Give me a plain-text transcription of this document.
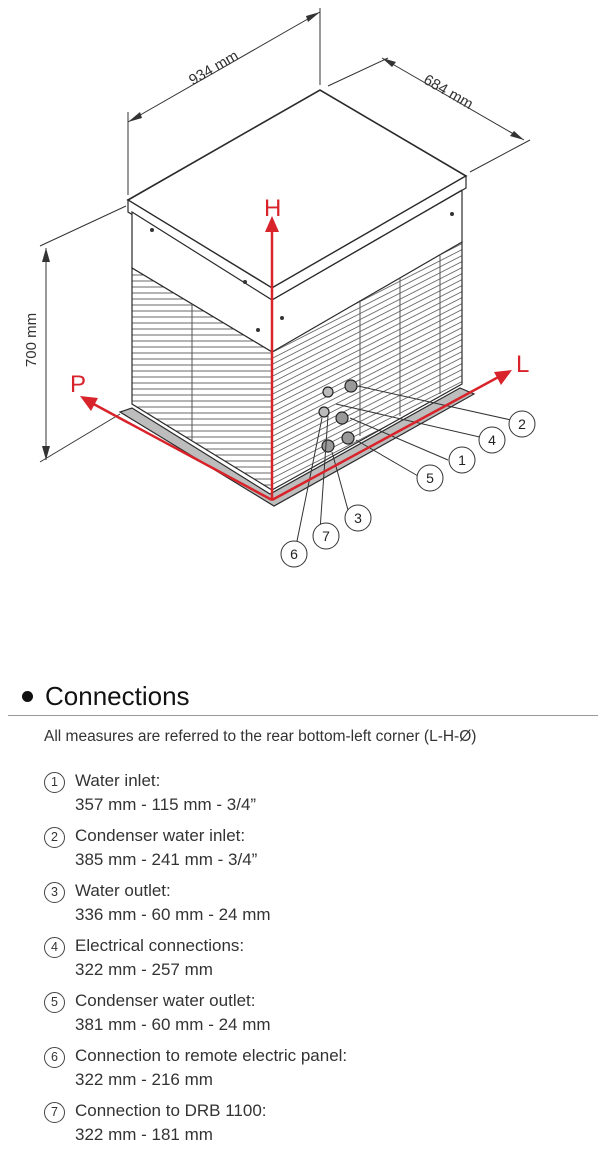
1
2
3
4
5
6
7
934 mm
684 mm
700 mm
H
L
P
Connections
All measures are referred to the rear bottom-left corner (L-H-Ø)
1	Water inlet:
357 mm - 115 mm - 3/4”
2	Condenser water inlet:
385 mm - 241 mm - 3/4”
3	Water outlet:
336 mm - 60 mm - 24 mm
4	Electrical connections:
322 mm - 257 mm
5	Condenser water outlet:
381 mm - 60 mm - 24 mm
6	Connection to remote electric panel:
322 mm - 216 mm
7	Connection to DRB 1100:
322 mm - 181 mm
